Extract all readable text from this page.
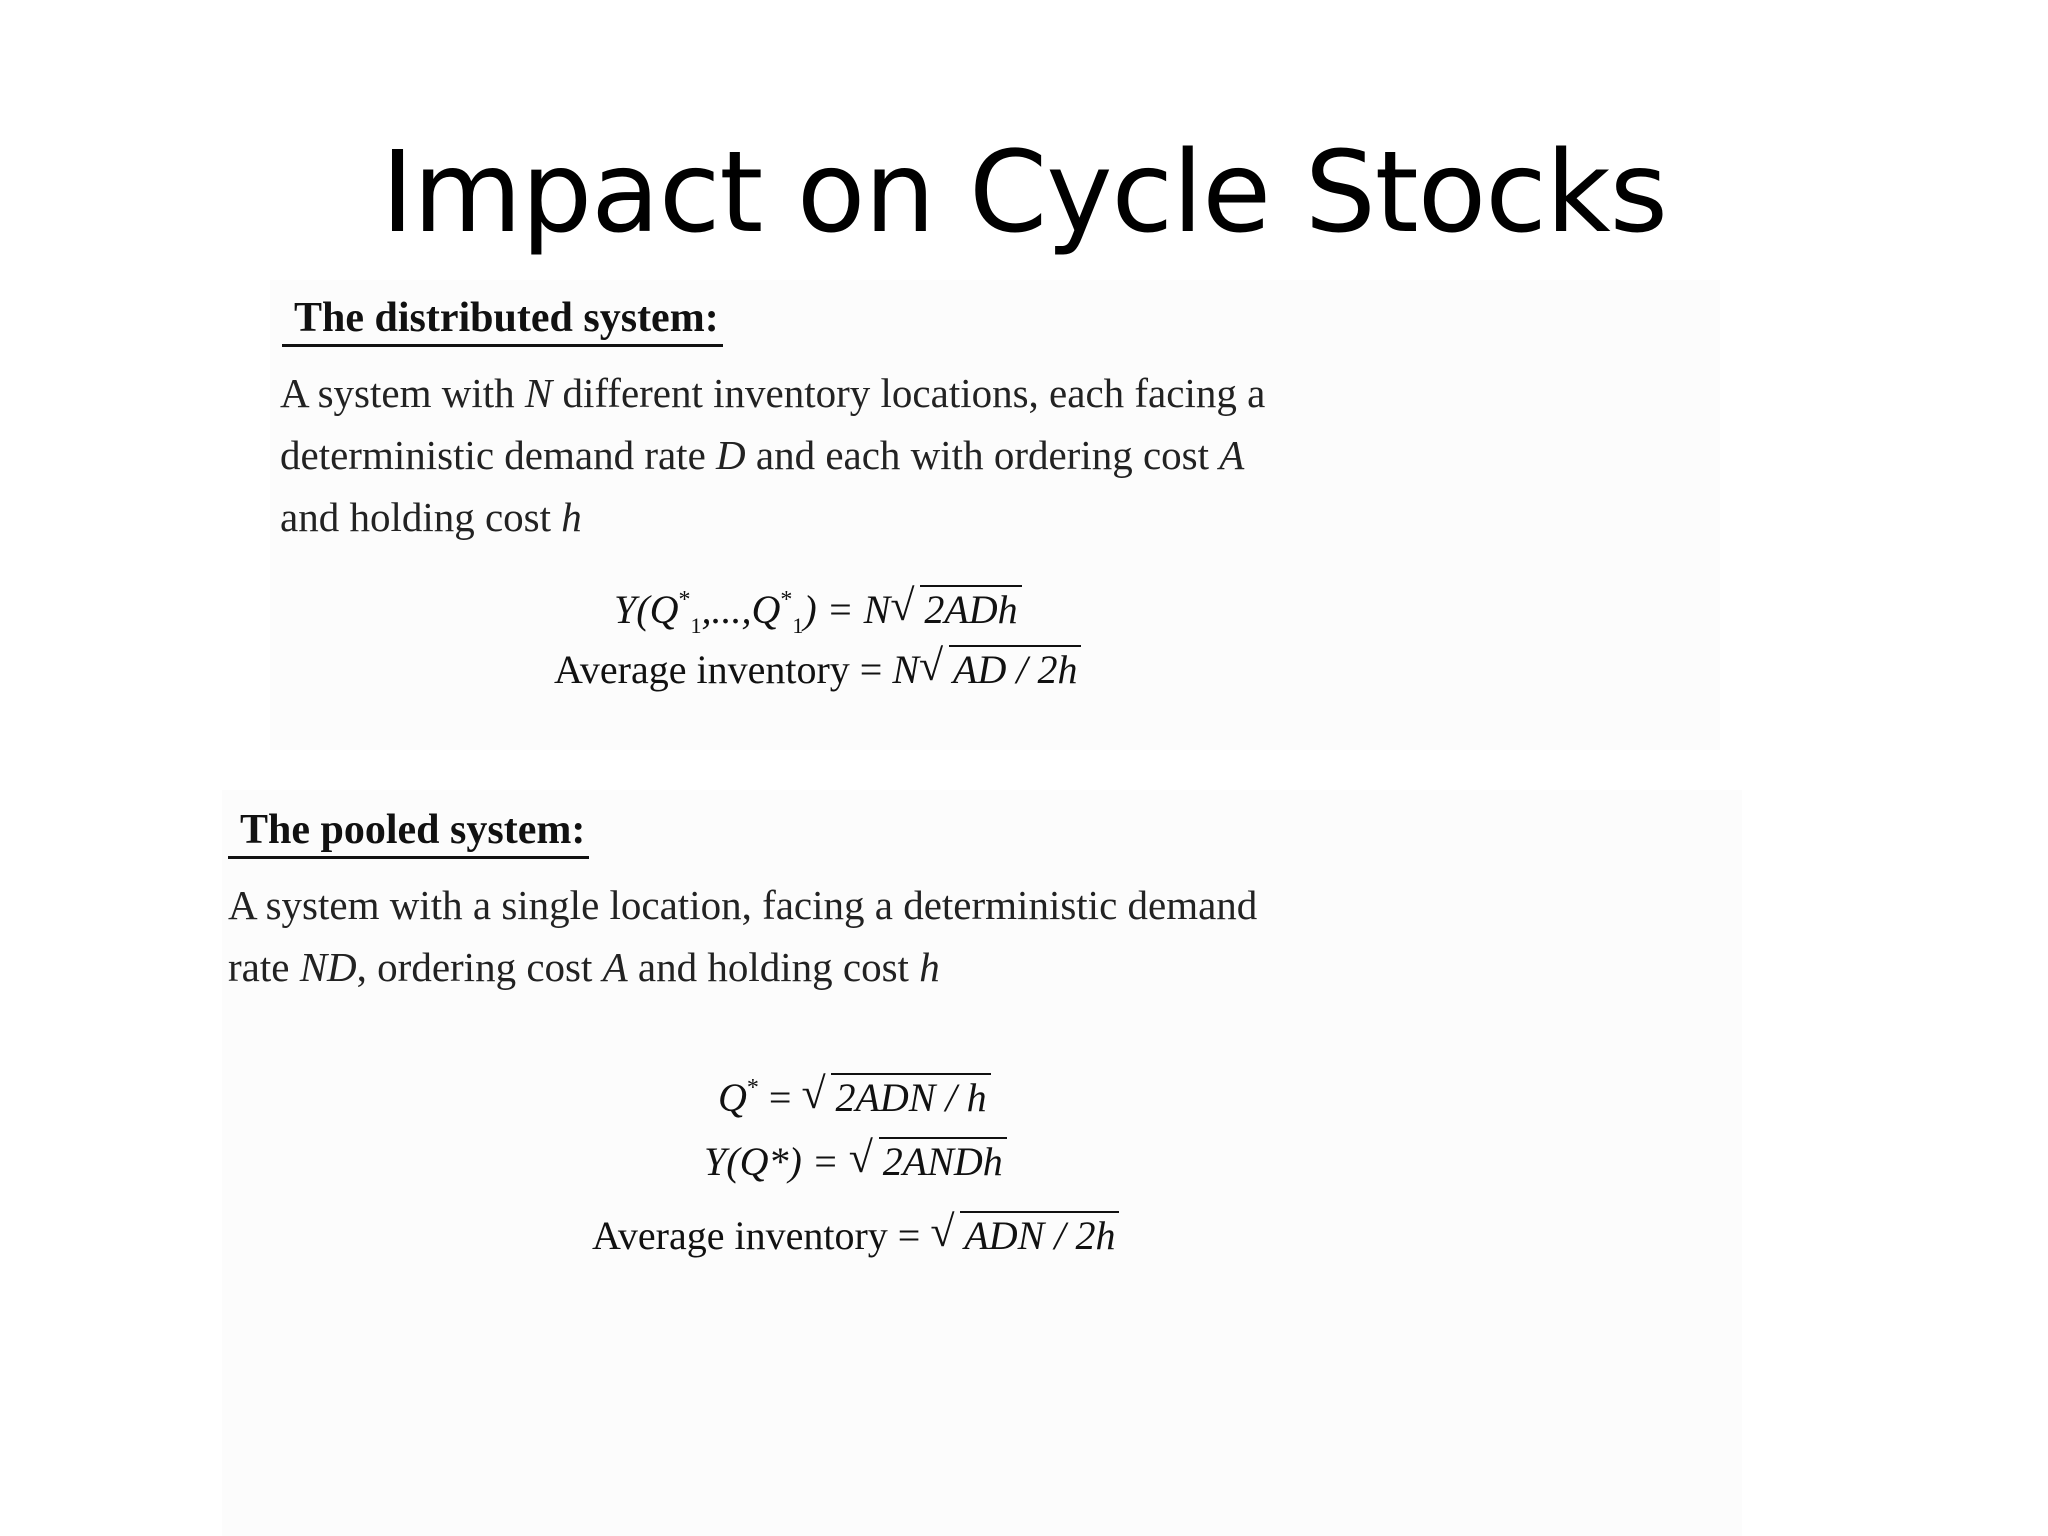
Impact on Cycle Stocks
The distributed system:
A system with N different inventory locations, each facing a
deterministic demand rate D and each with ordering cost A
and holding cost h
$Y(Q^*_1,...,Q^*_1) = N√$ 2ADh
Average inventory = N√ AD / 2h
The pooled system:
A system with a single location, facing a deterministic demand
rate ND, ordering cost A and holding cost h
Q* = √ 2ADN / h
Y(Q*) = √ 2ANDh
Average inventory = √ ADN / 2h
